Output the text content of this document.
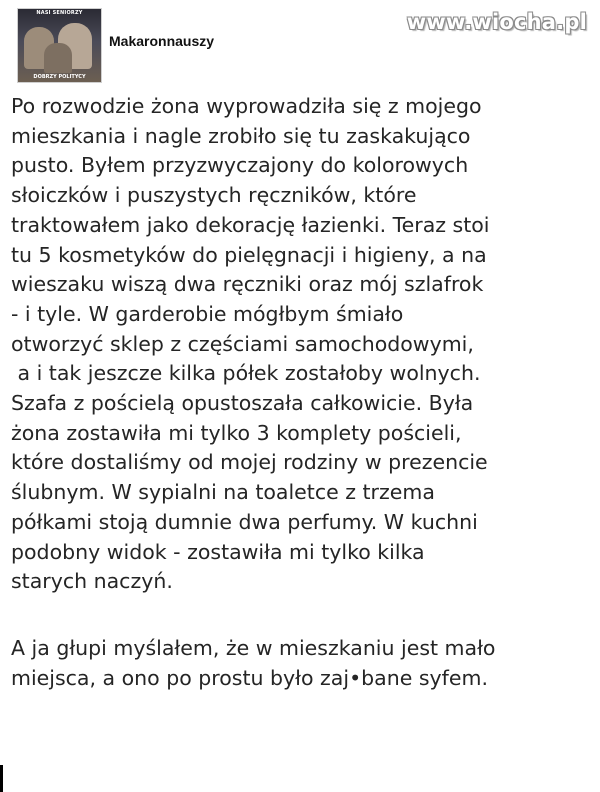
NASI SENIORZY
DOBRZY POLITYCY
Makaronnauszy
www.wiocha.pl
Po rozwodzie żona wyprowadziła się z mojego
mieszkania i nagle zrobiło się tu zaskakująco
pusto. Byłem przyzwyczajony do kolorowych
słoiczków i puszystych ręczników, które
traktowałem jako dekorację łazienki. Teraz stoi
tu 5 kosmetyków do pielęgnacji i higieny, a na
wieszaku wiszą dwa ręczniki oraz mój szlafrok
- i tyle. W garderobie mógłbym śmiało
otworzyć sklep z częściami samochodowymi,
a i tak jeszcze kilka półek zostałoby wolnych.
Szafa z pościelą opustoszała całkowicie. Była
żona zostawiła mi tylko 3 komplety pościeli,
które dostaliśmy od mojej rodziny w prezencie
ślubnym. W sypialni na toaletce z trzema
półkami stoją dumnie dwa perfumy. W kuchni
podobny widok - zostawiła mi tylko kilka
starych naczyń.
A ja głupi myślałem, że w mieszkaniu jest mało
miejsca, a ono po prostu było zaj•bane syfem.
